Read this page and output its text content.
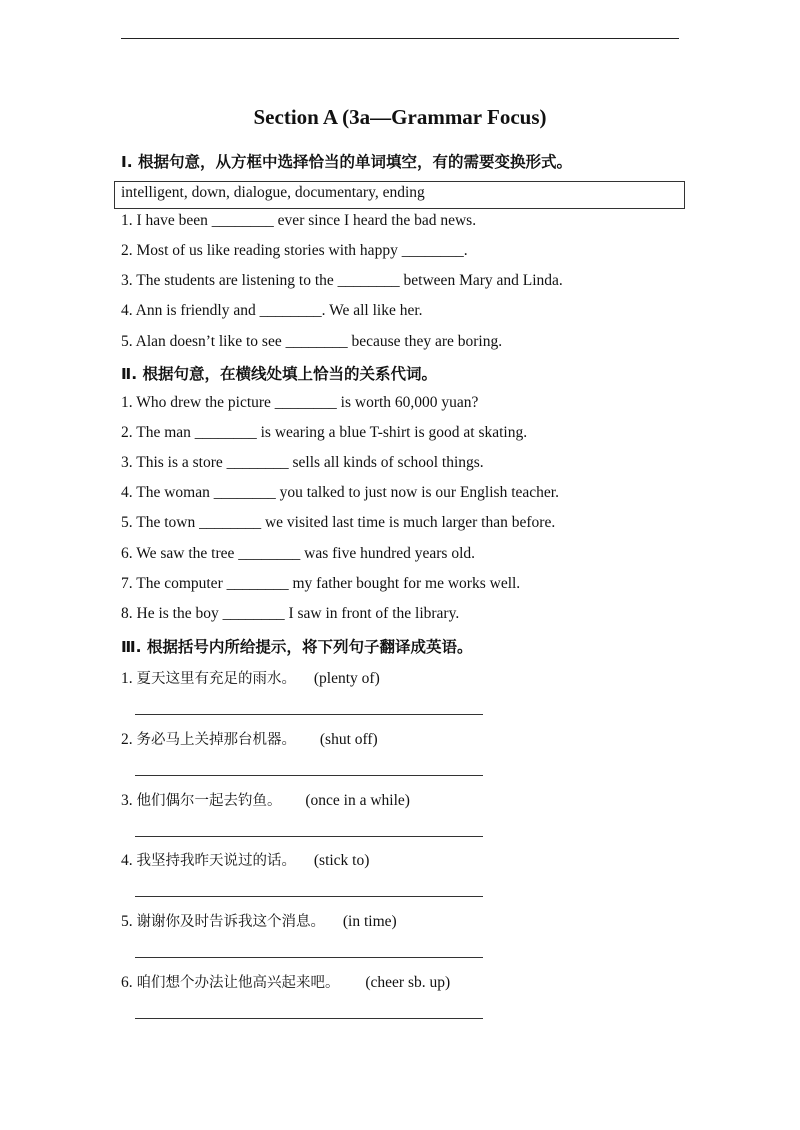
Section A (3a—Grammar Focus)
Ⅰ. 根据句意，从方框中选择恰当的单词填空，有的需要变换形式。
intelligent, down, dialogue, documentary, ending
1. I have been ________ ever since I heard the bad news.
2. Most of us like reading stories with happy ________.
3. The students are listening to the ________ between Mary and Linda.
4. Ann is friendly and ________. We all like her.
5. Alan doesn’t like to see ________ because they are boring.
Ⅱ. 根据句意，在横线处填上恰当的关系代词。
1. Who drew the picture ________ is worth 60,000 yuan?
2. The man ________ is wearing a blue T-shirt is good at skating.
3. This is a store ________ sells all kinds of school things.
4. The woman ________ you talked to just now is our English teacher.
5. The town ________ we visited last time is much larger than before.
6. We saw the tree ________ was five hundred years old.
7. The computer ________ my father bought for me works well.
8. He is the boy ________ I saw in front of the library.
Ⅲ. 根据括号内所给提示，将下列句子翻译成英语。
1. 夏天这里有充足的雨水。 (plenty of)
2. 务必马上关掉那台机器。 (shut off)
3. 他们偶尔一起去钓鱼。 (once in a while)
4. 我坚持我昨天说过的话。 (stick to)
5. 谢谢你及时告诉我这个消息。 (in time)
6. 咱们想个办法让他高兴起来吧。 (cheer sb. up)
